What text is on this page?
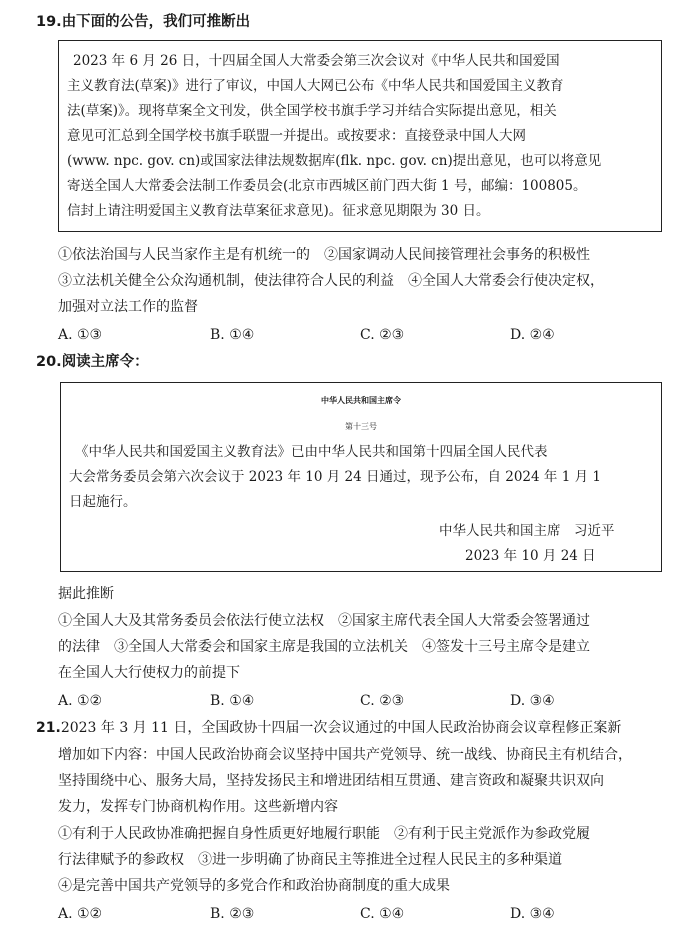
19.由下面的公告，我们可推断出
2023 年 6 月 26 日，十四届全国人大常委会第三次会议对《中华人民共和国爱国
主义教育法(草案)》进行了审议，中国人大网已公布《中华人民共和国爱国主义教育
法(草案)》。现将草案全文刊发，供全国学校书旗手学习并结合实际提出意见，相关
意见可汇总到全国学校书旗手联盟一并提出。或按要求：直接登录中国人大网
(www. npc. gov. cn)或国家法律法规数据库(flk. npc. gov. cn)提出意见，也可以将意见
寄送全国人大常委会法制工作委员会(北京市西城区前门西大街 1 号，邮编：100805。
信封上请注明爱国主义教育法草案征求意见)。征求意见期限为 30 日。
①依法治国与人民当家作主是有机统一的　②国家调动人民间接管理社会事务的积极性
③立法机关健全公众沟通机制，使法律符合人民的利益　④全国人大常委会行使决定权，
加强对立法工作的监督
A. ①③	B. ①④	C. ②③	D. ②④
20.阅读主席令：
中华人民共和国主席令
第十三号
《中华人民共和国爱国主义教育法》已由中华人民共和国第十四届全国人民代表
大会常务委员会第六次会议于 2023 年 10 月 24 日通过，现予公布，自 2024 年 1 月 1
日起施行。
中华人民共和国主席　习近平
2023 年 10 月 24 日
据此推断
①全国人大及其常务委员会依法行使立法权　②国家主席代表全国人大常委会签署通过
的法律　③全国人大常委会和国家主席是我国的立法机关　④签发十三号主席令是建立
在全国人大行使权力的前提下
A. ①②	B. ①④	C. ②③	D. ③④
21.2023 年 3 月 11 日，全国政协十四届一次会议通过的中国人民政治协商会议章程修正案新
增加如下内容：中国人民政治协商会议坚持中国共产党领导、统一战线、协商民主有机结合，
坚持围绕中心、服务大局，坚持发扬民主和增进团结相互贯通、建言资政和凝聚共识双向
发力，发挥专门协商机构作用。这些新增内容
①有利于人民政协准确把握自身性质更好地履行职能　②有利于民主党派作为参政党履
行法律赋予的参政权　③进一步明确了协商民主等推进全过程人民民主的多种渠道
④是完善中国共产党领导的多党合作和政治协商制度的重大成果
A. ①②	B. ②③	C. ①④	D. ③④
